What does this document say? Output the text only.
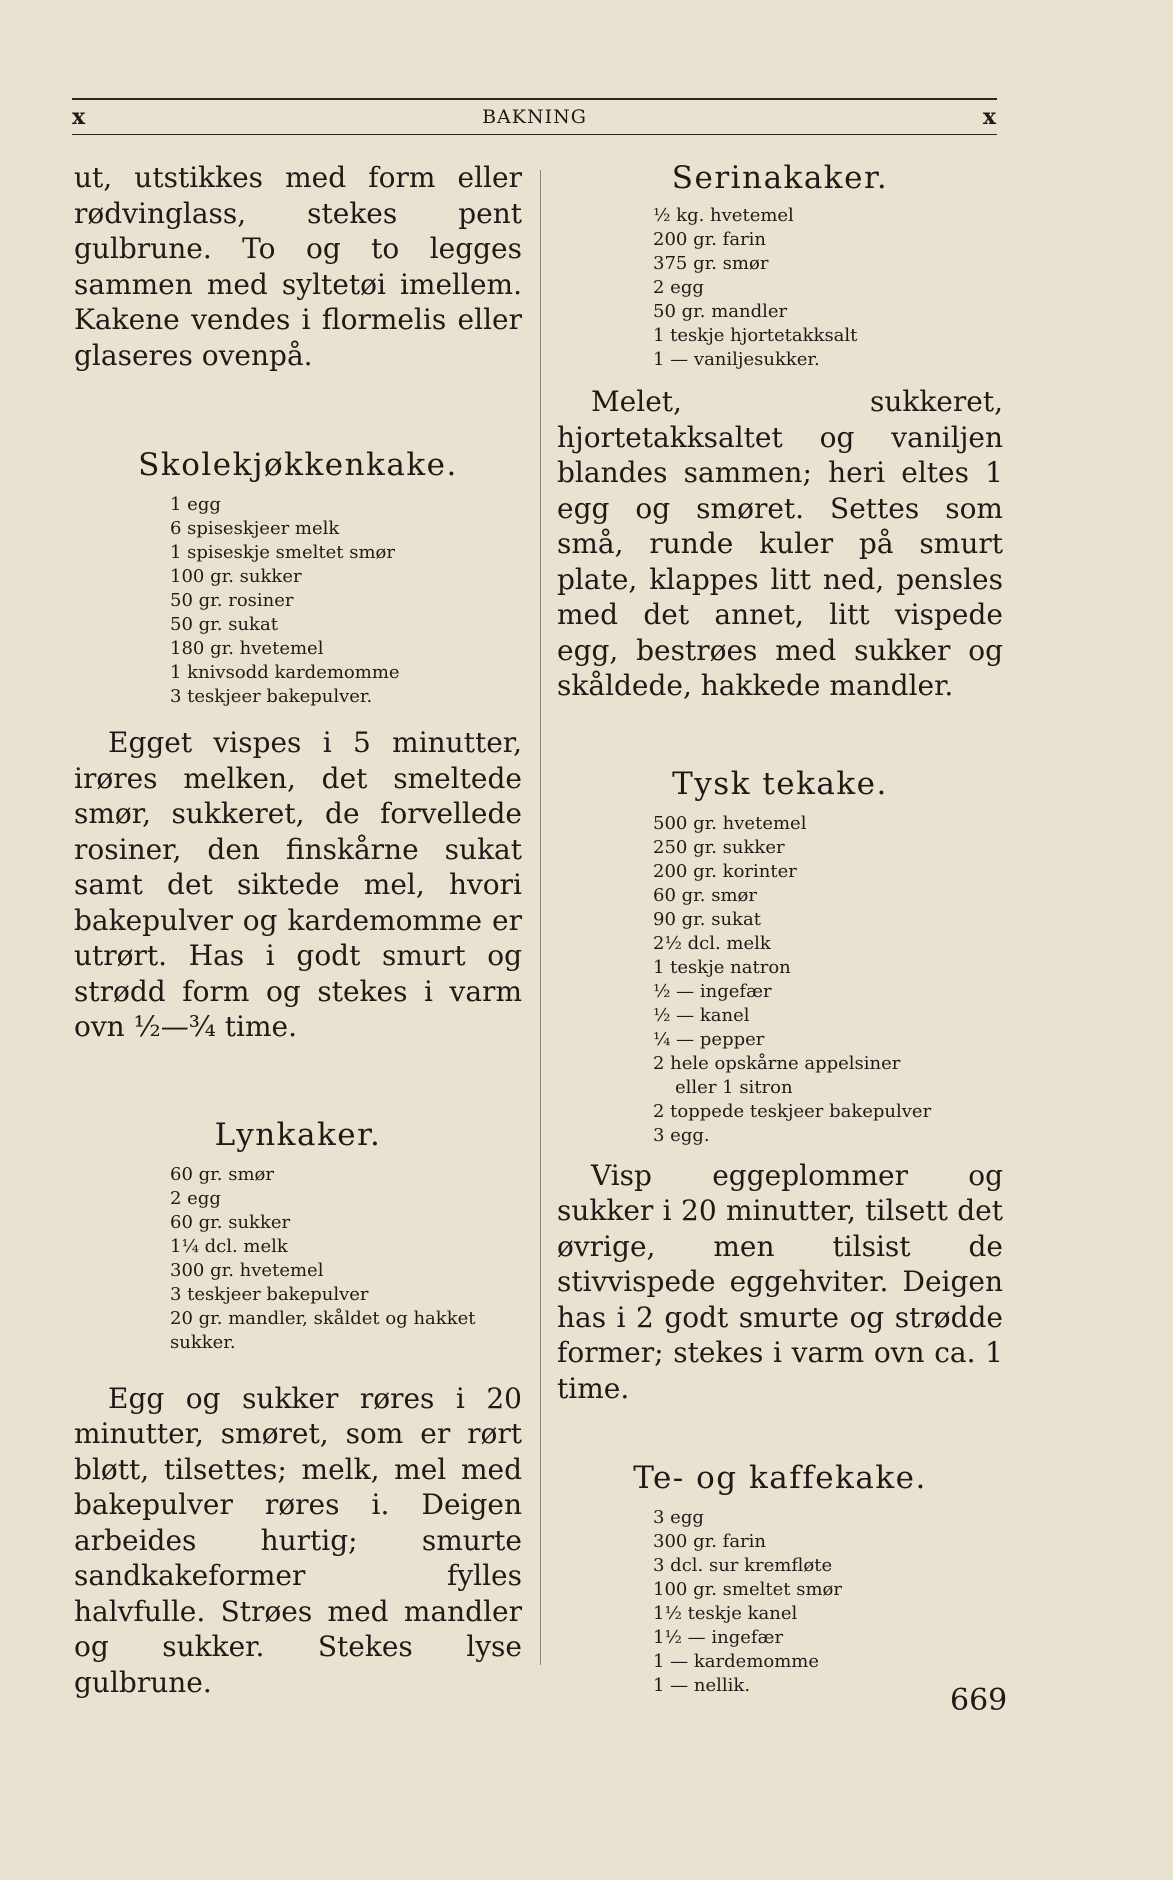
x	BAKNING	x

ut, utstikkes med form eller rødvinglass, stekes pent gulbrune. To og to legges sammen med syltetøi imellem. Kakene vendes i flormelis eller glaseres ovenpå.

Skolekjøkkenkake.
1 egg
6 spiseskjeer melk
1 spiseskje smeltet smør
100 gr. sukker
50 gr. rosiner
50 gr. sukat
180 gr. hvetemel
1 knivsodd kardemomme
3 teskjeer bakepulver.

Egget vispes i 5 minutter, irøres melken, det smeltede smør, sukkeret, de forvellede rosiner, den finskårne sukat samt det siktede mel, hvori bakepulver og kardemomme er utrørt. Has i godt smurt og strødd form og stekes i varm ovn ½—¾ time.

Lynkaker.
60 gr. smør
2 egg
60 gr. sukker
1¼ dcl. melk
300 gr. hvetemel
3 teskjeer bakepulver
20 gr. mandler, skåldet og hakket
sukker.

Egg og sukker røres i 20 minutter, smøret, som er rørt bløtt, tilsettes; melk, mel med bakepulver røres i. Deigen arbeides hurtig; smurte sandkakeformer fylles halvfulle. Strøes med mandler og sukker. Stekes lyse gulbrune.

Serinakaker.
½ kg. hvetemel
200 gr. farin
375 gr. smør
2 egg
50 gr. mandler
1 teskje hjortetakksalt
1 — vaniljesukker.

Melet, sukkeret, hjortetakksaltet og vaniljen blandes sammen; heri eltes 1 egg og smøret. Settes som små, runde kuler på smurt plate, klappes litt ned, pensles med det annet, litt vispede egg, bestrøes med sukker og skåldede, hakkede mandler.

Tysk tekake.
500 gr. hvetemel
250 gr. sukker
200 gr. korinter
60 gr. smør
90 gr. sukat
2½ dcl. melk
1 teskje natron
½ — ingefær
½ — kanel
¼ — pepper
2 hele opskårne appelsiner
eller 1 sitron
2 toppede teskjeer bakepulver
3 egg.

Visp eggeplommer og sukker i 20 minutter, tilsett det øvrige, men tilsist de stivvispede eggehviter. Deigen has i 2 godt smurte og strødde former; stekes i varm ovn ca. 1 time.

Te- og kaffekake.
3 egg
300 gr. farin
3 dcl. sur kremfløte
100 gr. smeltet smør
1½ teskje kanel
1½ — ingefær
1 — kardemomme
1 — nellik.	669
